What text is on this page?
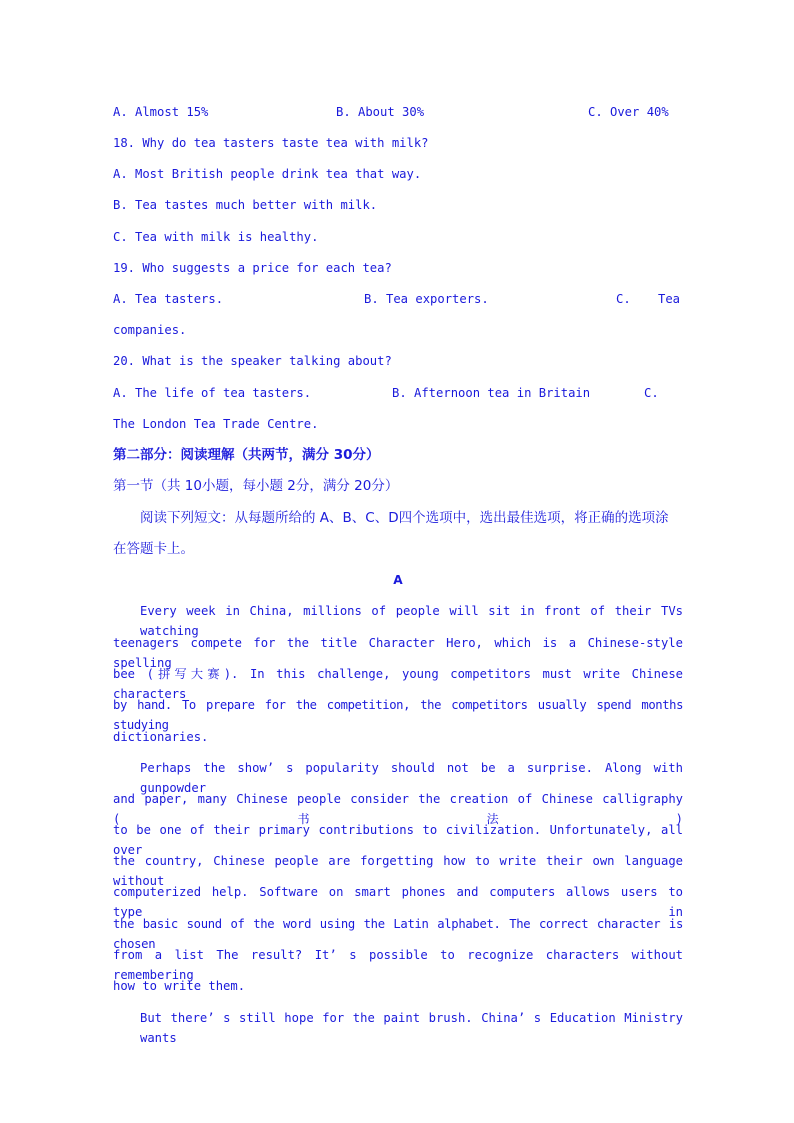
A. Almost 15%	B. About 30%	C. Over 40%
18. Why do tea tasters taste tea with milk?
A. Most British people drink tea that way.
B. Tea tastes much better with milk.
C. Tea with milk is healthy.
19. Who suggests a price for each tea?
A. Tea tasters.	B. Tea exporters.	C. Tea
companies.
20. What is the speaker talking about?
A. The life of tea tasters.	B. Afternoon tea in Britain	C.
The London Tea Trade Centre.
第二部分：阅读理解（共两节，满分 30分）
第一节（共 10小题，每小题 2分，满分 20分）
阅读下列短文：从每题所给的 A、B、C、D四个选项中，选出最佳选项，将正确的选项涂
在答题卡上。
A
Every week in China, millions of people will sit in front of their TVs watching
teenagers compete for the title Character Hero, which is a Chinese-style spelling
bee (拼写大赛). In this challenge, young competitors must write Chinese characters
by hand. To prepare for the competition, the competitors usually spend months studying
dictionaries.
Perhaps the show’ s popularity should not be a surprise. Along with gunpowder
and paper, many Chinese people consider the creation of Chinese calligraphy (书法)
to be one of their primary contributions to civilization. Unfortunately, all over
the country, Chinese people are forgetting how to write their own language without
computerized help. Software on smart phones and computers allows users to type in
the basic sound of the word using the Latin alphabet. The correct character is chosen
from a list The result? It’ s possible to recognize characters without remembering
how to write them.
But there’ s still hope for the paint brush. China’ s Education Ministry wants
